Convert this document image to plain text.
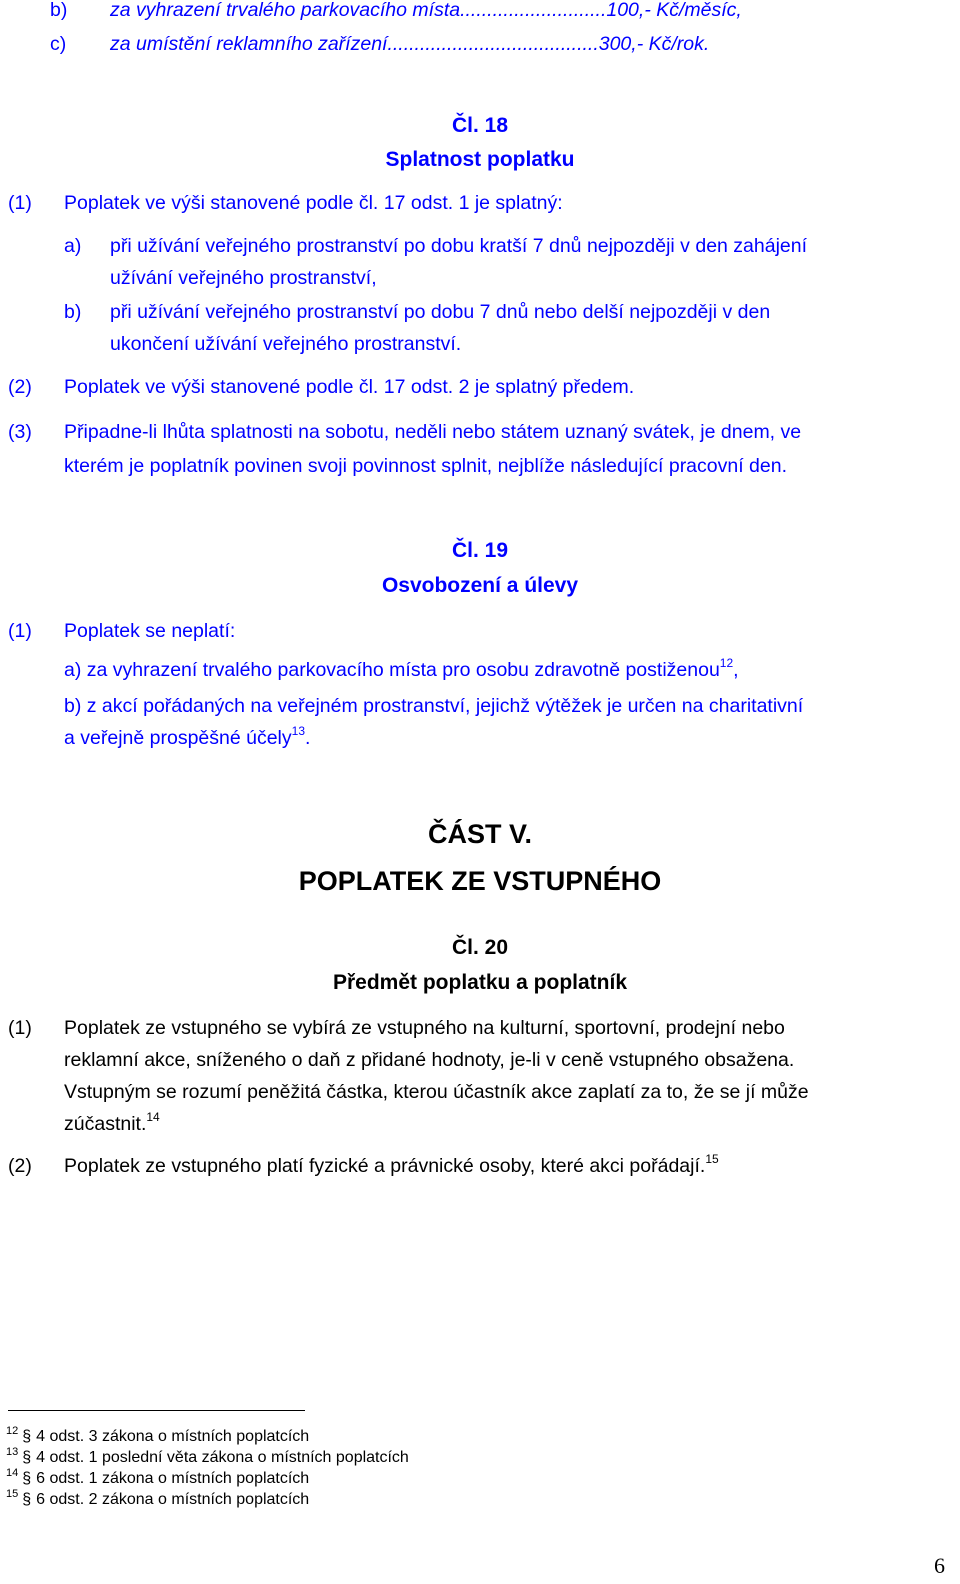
b) za vyhrazení trvalého parkovacího místa...........................100,- Kč/měsíc,
c) za umístění reklamního zařízení.......................................300,- Kč/rok.
Čl. 18
Splatnost poplatku
(1) Poplatek ve výši stanovené podle čl. 17 odst. 1 je splatný:
a) při užívání veřejného prostranství po dobu kratší 7 dnů nejpozději v den zahájení
užívání veřejného prostranství,
b) při užívání veřejného prostranství po dobu 7 dnů nebo delší nejpozději v den
ukončení užívání veřejného prostranství.
(2) Poplatek ve výši stanovené podle čl. 17 odst. 2 je splatný předem.
(3) Připadne-li lhůta splatnosti na sobotu, neděli nebo státem uznaný svátek, je dnem, ve
kterém je poplatník povinen svoji povinnost splnit, nejblíže následující pracovní den.
Čl. 19
Osvobození a úlevy
(1) Poplatek se neplatí:
a) za vyhrazení trvalého parkovacího místa pro osobu zdravotně postiženou$^{12}$,
b) z akcí pořádaných na veřejném prostranství, jejichž výtěžek je určen na charitativní
a veřejně prospěšné účely$^{13}$.
ČÁST V.
POPLATEK ZE VSTUPNÉHO
Čl. 20
Předmět poplatku a poplatník
(1) Poplatek ze vstupného se vybírá ze vstupného na kulturní, sportovní, prodejní nebo
reklamní akce, sníženého o daň z přidané hodnoty, je-li v ceně vstupného obsažena.
Vstupným se rozumí peněžitá částka, kterou účastník akce zaplatí za to, že se jí může
zúčastnit.$^{14}$
(2) Poplatek ze vstupného platí fyzické a právnické osoby, které akci pořádají.$^{15}$
$^{12}$ § 4 odst. 3 zákona o místních poplatcích
$^{13}$ § 4 odst. 1 poslední věta zákona o místních poplatcích
$^{14}$ § 6 odst. 1 zákona o místních poplatcích
$^{15}$ § 6 odst. 2 zákona o místních poplatcích
6
